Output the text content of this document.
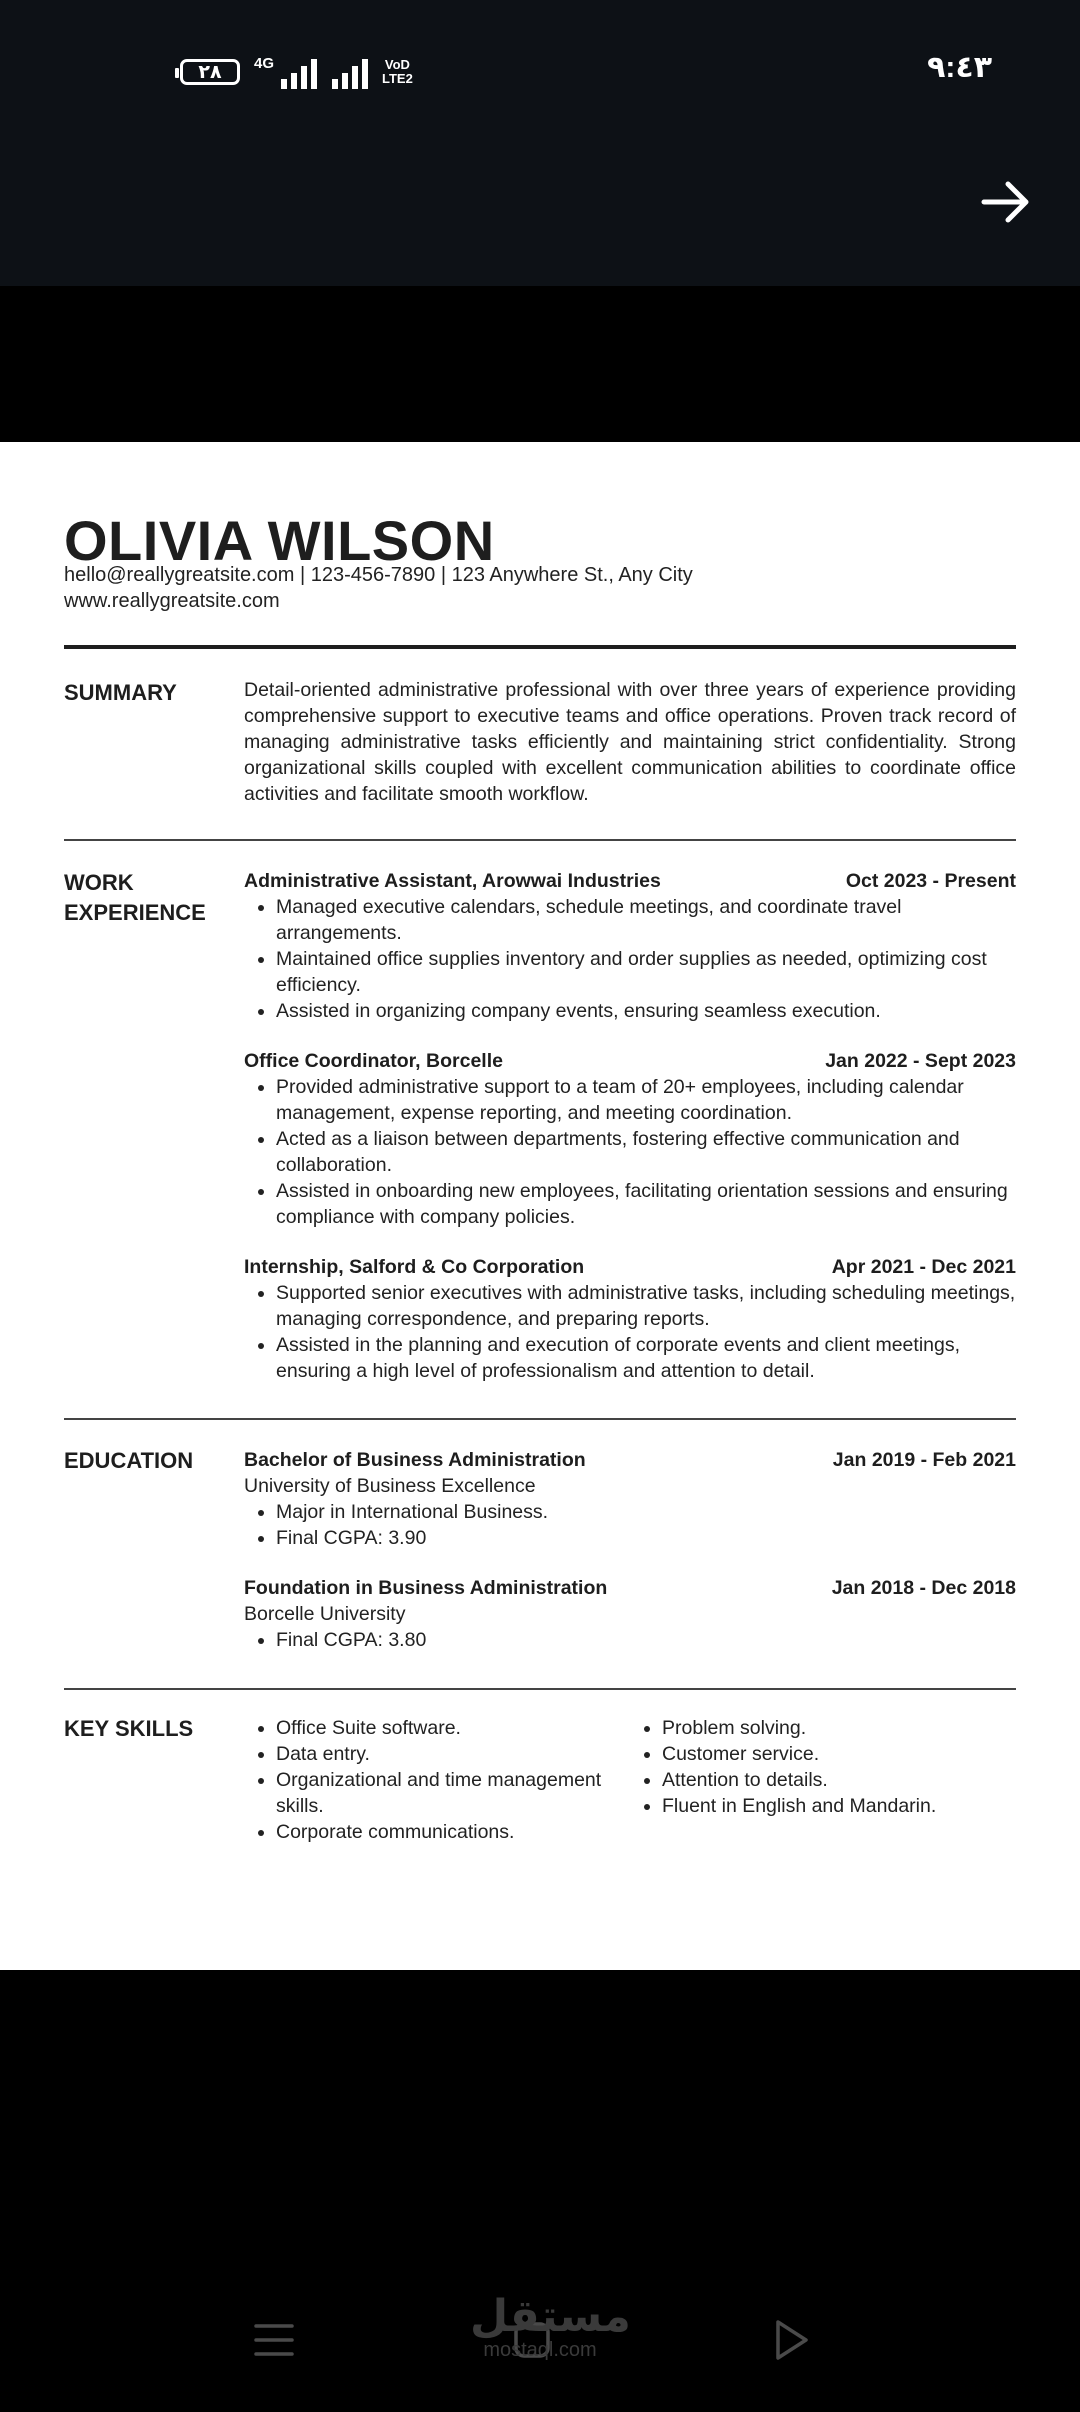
٢٨ 4G	VoD
LTE2	٩:٤٣
OLIVIA WILSON
hello@reallygreatsite.com | 123-456-7890 | 123 Anywhere St., Any City
www.reallygreatsite.com
SUMMARY	Detail-oriented administrative professional with over three years of experience providing comprehensive support to executive teams and office operations. Proven track record of managing administrative tasks efficiently and maintaining strict confidentiality. Strong organizational skills coupled with excellent communication abilities to coordinate office activities and facilitate smooth workflow.

WORK
EXPERIENCE
Administrative Assistant, Arowwai Industries	Oct 2023 - Present
• Managed executive calendars, schedule meetings, and coordinate travel arrangements.
• Maintained office supplies inventory and order supplies as needed, optimizing cost efficiency.
• Assisted in organizing company events, ensuring seamless execution.
Office Coordinator, Borcelle	Jan 2022 - Sept 2023
• Provided administrative support to a team of 20+ employees, including calendar management, expense reporting, and meeting coordination.
• Acted as a liaison between departments, fostering effective communication and collaboration.
• Assisted in onboarding new employees, facilitating orientation sessions and ensuring compliance with company policies.
Internship, Salford & Co Corporation	Apr 2021 - Dec 2021
• Supported senior executives with administrative tasks, including scheduling meetings, managing correspondence, and preparing reports.
• Assisted in the planning and execution of corporate events and client meetings, ensuring a high level of professionalism and attention to detail.
EDUCATION	Bachelor of Business Administration	Jan 2019 - Feb 2021
University of Business Excellence
• Major in International Business.
• Final CGPA: 3.90
Foundation in Business Administration	Jan 2018 - Dec 2018
Borcelle University
• Final CGPA: 3.80
KEY SKILLS
•	Office Suite software.
• Data entry.
• Organizational and time management skills.
• Corporate communications.
• Problem solving.
• Customer service.
• Attention to details.
• Fluent in English and Mandarin.
مستقل
mostaql.com
